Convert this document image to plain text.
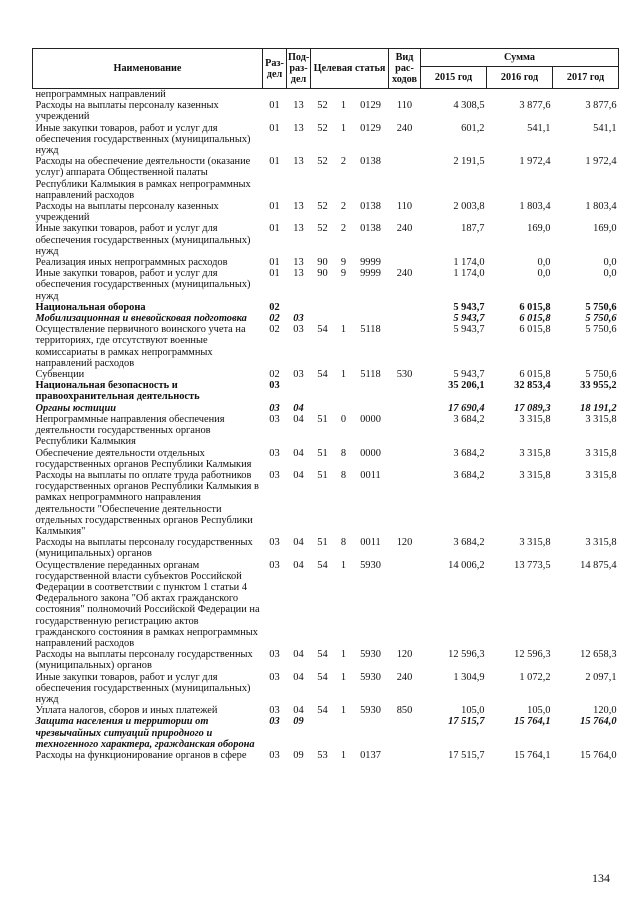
Наименование	Раз-дел	Под-раз-дел	Целевая статья			Вид рас-ходов	Сумма		
							2015 год	2016 год	2017 год
непрограммных направлений									
Расходы на выплаты персоналу казенных учреждений	01	13	52	1	0129	110	4 308,5	3 877,6	3 877,6
Иные закупки товаров, работ и услуг для обеспечения государственных (муниципальных) нужд	01	13	52	1	0129	240	601,2	541,1	541,1
Расходы на обеспечение деятельности (оказание услуг) аппарата Общественной палаты Республики Калмыкия в рамках непрограммных направлений расходов	01	13	52	2	0138		2 191,5	1 972,4	1 972,4
Расходы на выплаты персоналу казенных учреждений	01	13	52	2	0138	110	2 003,8	1 803,4	1 803,4
Иные закупки товаров, работ и услуг для обеспечения государственных (муниципальных) нужд	01	13	52	2	0138	240	187,7	169,0	169,0
Реализация иных непрограммных расходов	01	13	90	9	9999		1 174,0	0,0	0,0
Иные закупки товаров, работ и услуг для обеспечения государственных (муниципальных) нужд	01	13	90	9	9999	240	1 174,0	0,0	0,0
Национальная оборона	02						5 943,7	6 015,8	5 750,6
Мобилизационная и вневойсковая подготовка	02	03					5 943,7	6 015,8	5 750,6
Осуществление первичного воинского учета на территориях, где отсутствуют военные комиссариаты в рамках непрограммных направлений расходов	02	03	54	1	5118		5 943,7	6 015,8	5 750,6
Субвенции	02	03	54	1	5118	530	5 943,7	6 015,8	5 750,6
Национальная безопасность и правоохранительная деятельность	03						35 206,1	32 853,4	33 955,2
Органы юстиции	03	04					17 690,4	17 089,3	18 191,2
Непрограммные направления обеспечения деятельности государственных органов Республики Калмыкия	03	04	51	0	0000		3 684,2	3 315,8	3 315,8
Обеспечение деятельности отдельных государственных органов Республики Калмыкия	03	04	51	8	0000		3 684,2	3 315,8	3 315,8
Расходы на выплаты по оплате труда работников государственных органов Республики Калмыкия в рамках непрограммного направления деятельности "Обеспечение деятельности отдельных государственных органов Республики Калмыкия"	03	04	51	8	0011		3 684,2	3 315,8	3 315,8
Расходы на выплаты персоналу государственных (муниципальных) органов	03	04	51	8	0011	120	3 684,2	3 315,8	3 315,8
Осуществление переданных органам государственной власти субъектов Российской Федерации в соответствии с пунктом 1 статьи 4 Федерального закона "Об актах гражданского состояния" полномочий Российской Федерации на государственную регистрацию актов гражданского состояния в рамках непрограммных направлений расходов	03	04	54	1	5930		14 006,2	13 773,5	14 875,4
Расходы на выплаты персоналу государственных (муниципальных) органов	03	04	54	1	5930	120	12 596,3	12 596,3	12 658,3
Иные закупки товаров, работ и услуг для обеспечения государственных (муниципальных) нужд	03	04	54	1	5930	240	1 304,9	1 072,2	2 097,1
Уплата налогов, сборов и иных платежей	03	04	54	1	5930	850	105,0	105,0	120,0
Защита населения и территории от чрезвычайных ситуаций природного и техногенного характера, гражданская оборона	03	09					17 515,7	15 764,1	15 764,0
Расходы на функционирование органов в сфере	03	09	53	1	0137		17 515,7	15 764,1	15 764,0
134
